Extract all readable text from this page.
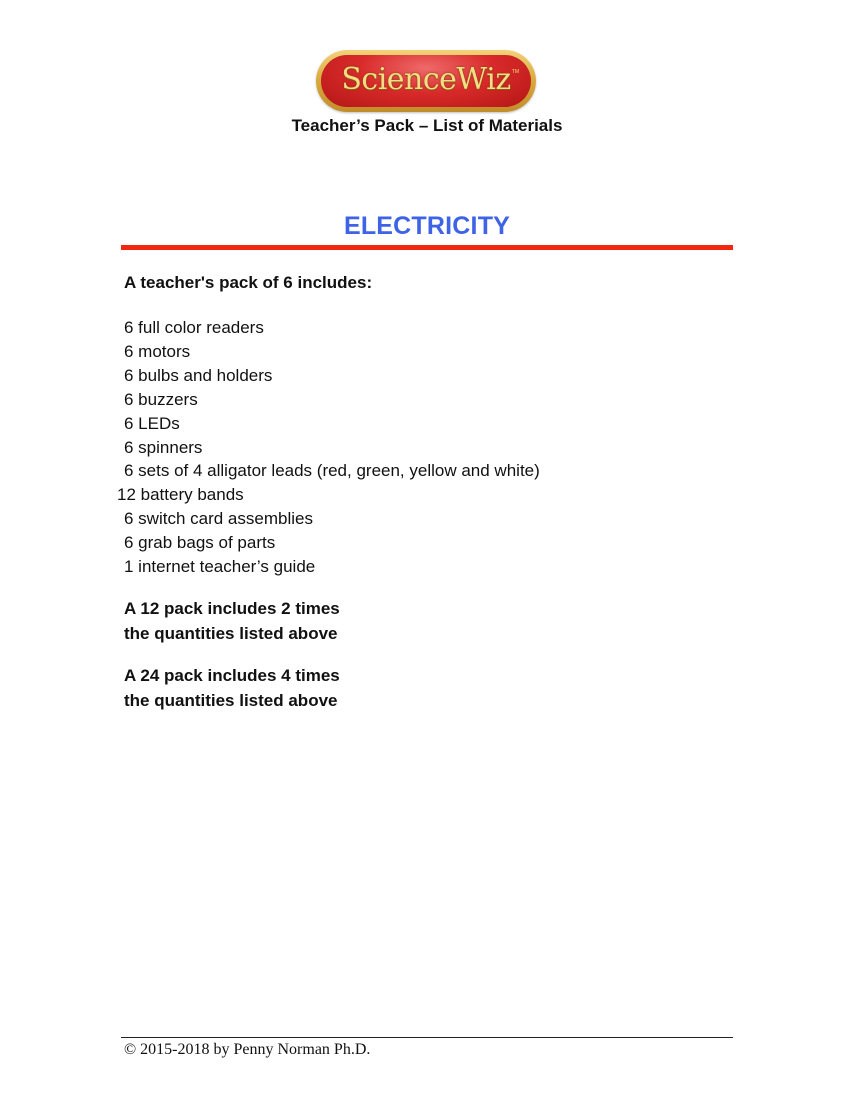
ScienceWiz TM
Teacher’s Pack – List of Materials
ELECTRICITY
A teacher's pack of 6 includes:
6 full color readers
6 motors
6 bulbs and holders
6 buzzers
6 LEDs
6 spinners
6 sets of 4 alligator leads (red, green, yellow and white)
12 battery bands
6 switch card assemblies
6 grab bags of parts
1 internet teacher’s guide
A 12 pack includes 2 times
the quantities listed above
A 24 pack includes 4 times
the quantities listed above
© 2015-2018 by Penny Norman Ph.D.
